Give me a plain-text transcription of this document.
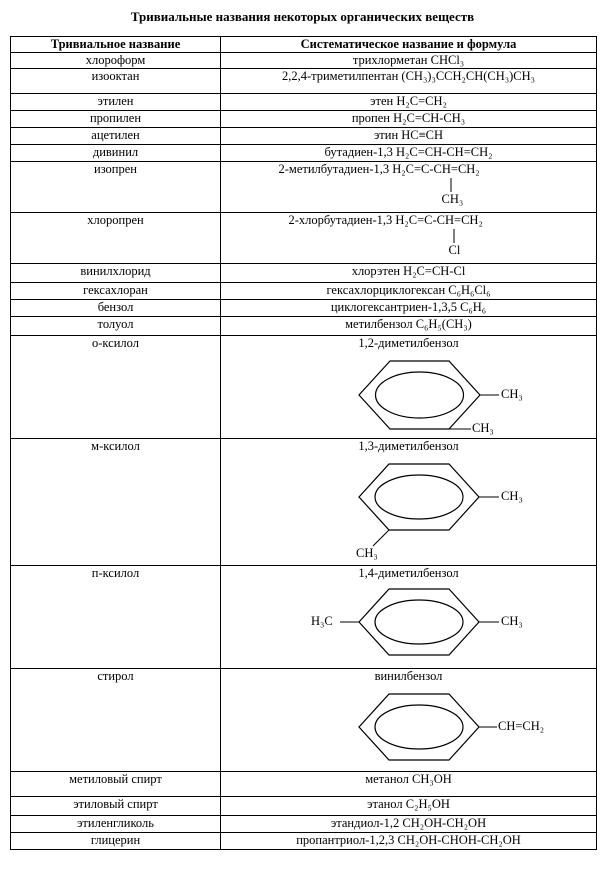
Тривиальные названия некоторых органических веществ
Тривиальное название	Систематическое название и формула
хлороформ	трихлорметан CHCl₃
изооктан	2,2,4-триметилпентан (CH₃)₃CCH₂CH(CH₃)CH₃
этилен	этен H₂C=CH₂
пропилен	пропен H₂C=CH-CH₃
ацетилен	этин HC≡CH
дивинил	бутадиен-1,3 H₂C=CH-CH=CH₂
изопрен	2-метилбутадиен-1,3 H₂C=C-CH=CH₂
CH₃

хлоропрен	2-хлорбутадиен-1,3 H₂C=C-CH=CH₂
Cl

винилхлорид	хлорэтен H₂C=CH-Cl
гексахлоран	гексахлорциклогексан C₆H₆Cl₆
бензол	циклогексантриен-1,3,5 C₆H₆
толуол	метилбензол C₆H₅(CH₃)
о-ксилол	1,2-диметилбензол
CH₃
CH₃

м-ксилол	1,3-диметилбензол
CH₃
CH₃

п-ксилол	1,4-диметилбензол
CH₃
H₃C

стирол	винилбензол
CH=CH₂

метиловый спирт	метанол CH₃OH
этиловый спирт	этанол C₂H₅OH
этиленгликоль	этандиол-1,2 CH₂OH-CH₂OH
глицерин	пропантриол-1,2,3 CH₂OH-CHOH-CH₂OH
